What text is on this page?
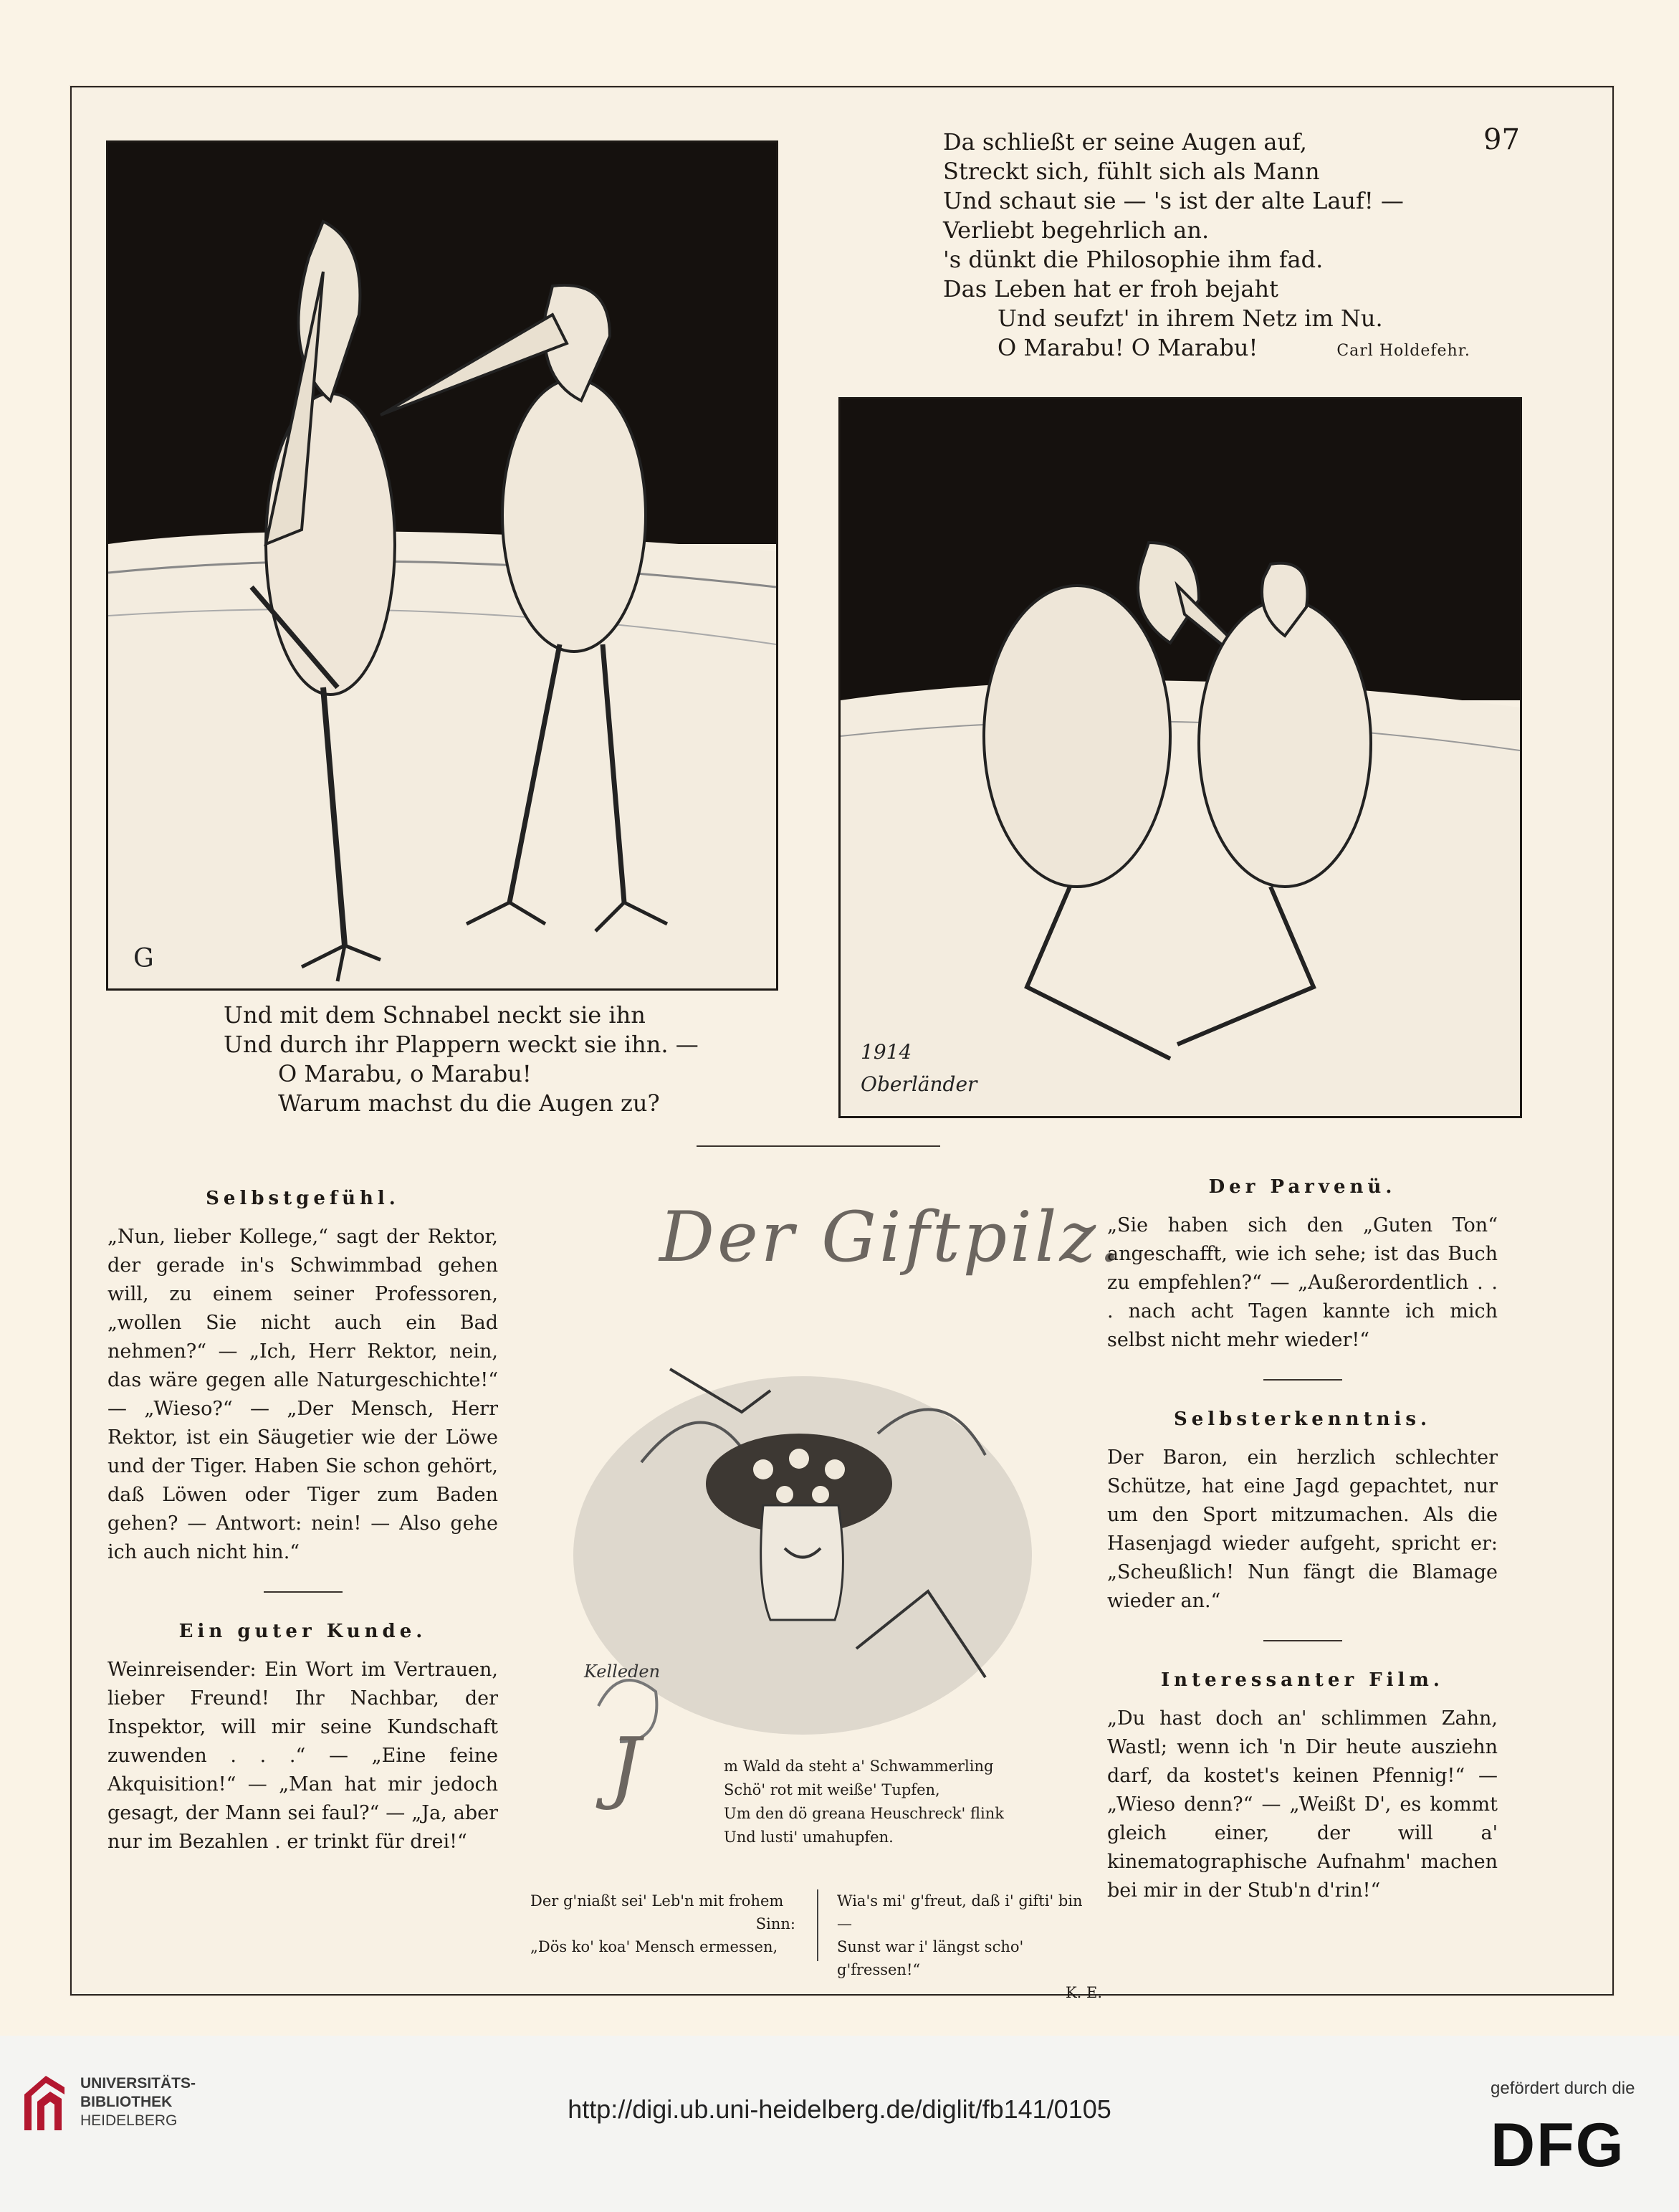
97
G
Da schließt er seine Augen auf,
Streckt sich, fühlt sich als Mann
Und schaut sie — 's ist der alte Lauf! —
Verliebt begehrlich an.
's dünkt die Philosophie ihm fad.
Das Leben hat er froh bejaht
Und seufzt' in ihrem Netz im Nu.
O Marabu! O Marabu!	Carl Holdefehr.
1914
Oberländer
Und mit dem Schnabel neckt sie ihn
Und durch ihr Plappern weckt sie ihn. —
O Marabu, o Marabu!
Warum machst du die Augen zu?
Selbstgefühl.

„Nun, lieber Kollege,“ sagt der Rektor, der gerade in's Schwimmbad gehen will, zu einem seiner Professoren, „wollen Sie nicht auch ein Bad nehmen?“ — „Ich, Herr Rektor, nein, das wäre gegen alle Naturgeschichte!“ — „Wieso?“ — „Der Mensch, Herr Rektor, ist ein Säugetier wie der Löwe und der Tiger. Haben Sie schon gehört, daß Löwen oder Tiger zum Baden gehen? — Antwort: nein! — Also gehe ich auch nicht hin.“

Ein guter Kunde.

Weinreisender: Ein Wort im Vertrauen, lieber Freund! Ihr Nachbar, der Inspektor, will mir seine Kundschaft zuwenden . . .“ — „Eine feine Akquisition!“ — „Man hat mir jedoch gesagt, der Mann sei faul?“ — „Ja, aber nur im Bezahlen . er trinkt für drei!“

Der Giftpilz.
Kelleden
J	m Wald da steht a' Schwammerling
Schö' rot mit weiße' Tupfen,
Um den dö greana Heuschreck' flink
Und lusti' umahupfen.
Der g'niaßt sei' Leb'n mit frohem
Sinn:
„Dös ko' koa' Mensch ermessen,
Wia's mi' g'freut, daß i' gifti' bin —
Sunst war i' längst scho' g'fressen!“
K. E.
Der Parvenü.

„Sie haben sich den „Guten Ton“ angeschafft, wie ich sehe; ist das Buch zu empfehlen?“ — „Außerordentlich . . . nach acht Tagen kannte ich mich selbst nicht mehr wieder!“

Selbsterkenntnis.

Der Baron, ein herzlich schlechter Schütze, hat eine Jagd gepachtet, nur um den Sport mitzumachen. Als die Hasenjagd wieder aufgeht, spricht er: „Scheußlich! Nun fängt die Blamage wieder an.“

Interessanter Film.

„Du hast doch an' schlimmen Zahn, Wastl; wenn ich 'n Dir heute ausziehn darf, da kostet's keinen Pfennig!“ — „Wieso denn?“ — „Weißt D', es kommt gleich einer, der will a' kinematographische Aufnahm' machen bei mir in der Stub'n d'rin!“

UNIVERSITÄTS-
BIBLIOTHEK
HEIDELBERG	http://digi.ub.uni-heidelberg.de/diglit/fb141/0105
gefördert durch die
DFG
